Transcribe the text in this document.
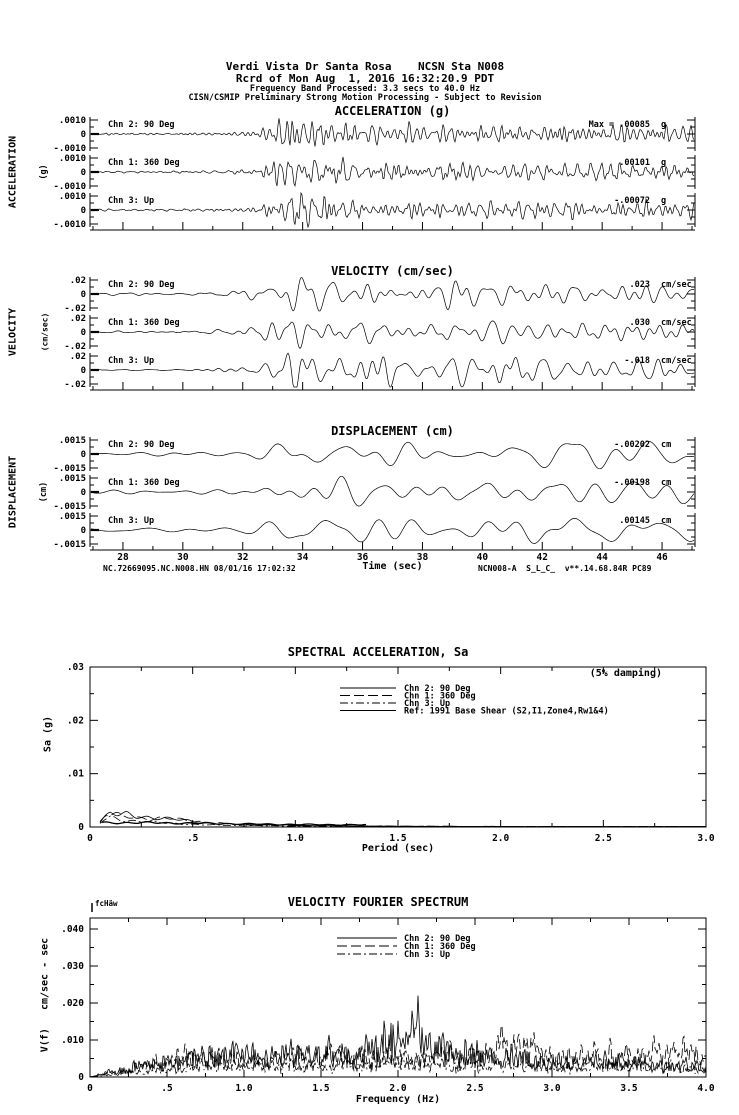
.0010
0
-.0010
Chn 2: 90 Deg	Max = .00085 g
.0010
0
-.0010
Chn 1: 360 Deg	.00101 g
.0010
0
-.0010
Chn 3: Up	-.00072 g
.02
0
-.02
Chn 2: 90 Deg	.023 cm/sec
.02
0
-.02
Chn 1: 360 Deg	.030 cm/sec
.02
0
-.02
Chn 3: Up	-.018 cm/sec
.0015
0
-.0015
Chn 2: 90 Deg	-.00202 cm
.0015
0
-.0015
Chn 1: 360 Deg	-.00198 cm
.0015
0
-.0015
Chn 3: Up	.00145 cm
28	30	32	34	36	38	40	42	44	46
.03
.02
.01
0
0	.5	1.0	1.5	2.0	2.5	3.0
Chn 2: 90 Deg
Chn 1: 360 Deg
Chn 3: Up
Ref: 1991 Base Shear (S2,I1,Zone4,Rw1&4)
.040
.030
.020
.010
0
0	.5	1.0	1.5	2.0	2.5	3.0	3.5	4.0
Chn 2: 90 Deg
Chn 1: 360 Deg
Chn 3: Up
Verdi Vista Dr Santa Rosa    NCSN Sta N008
Rcrd of Mon Aug  1, 2016 16:32:20.9 PDT
Frequency Band Processed: 3.3 secs to 40.0 Hz
CISN/CSMIP Preliminary Strong Motion Processing - Subject to Revision
ACCELERATION (g)
VELOCITY (cm/sec)
DISPLACEMENT (cm)
ACCELERATION (g)
VELOCITY	(cm/sec)
DISPLACEMENT (cm)
Time (sec)
NC.72669095.NC.N008.HN 08/01/16 17:02:32	NCN008-A  S_L_C_  v**.14.68.84R PC89
SPECTRAL ACCELERATION, Sa
(5% damping)
Sa (g)
Period (sec)
VELOCITY FOURIER SPECTRUM
fcHäw
V(f)   cm/sec - sec
Frequency (Hz)
